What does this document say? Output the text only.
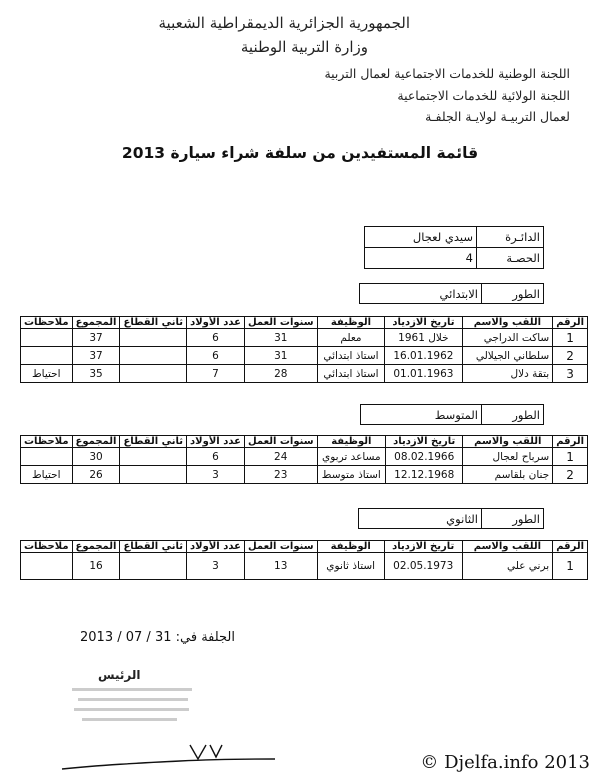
الجمهورية الجزائرية الديمقراطية الشعبية
وزارة التربية الوطنية
اللجنة الوطنية للخدمات الاجتماعية لعمال التربية
اللجنة الولائية للخدمات الاجتماعية
لعمال التربيـة لولايـة الجلفـة
قائمة المستفيدين من سلفة شراء سيارة 2013
الدائـرة	سيدي لعجال
الحصـة	4
الطور	الابتدائي
الرقم	اللقب والاسم	تاريخ الازدياد	الوظيفة	سنوات العمل	عدد الأولاد	ثاني القطاع	المجموع	ملاحظات
1	ساكت الدراجي	خلال 1961	معلم	31	6		37	
2	سلطاني الجيلالي	16.01.1962	استاذ ابتدائي	31	6		37	
3	بتقة دلال	01.01.1963	استاذ ابتدائي	28	7		35	احتياط
الطور	المتوسط
الرقم	اللقب والاسم	تاريخ الازدياد	الوظيفة	سنوات العمل	عدد الأولاد	ثاني القطاع	المجموع	ملاحظات
1	سرباح لعجال	08.02.1966	مساعد تربوي	24	6		30	
2	جنان بلقاسم	12.12.1968	استاذ متوسط	23	3		26	احتياط
الطور	الثانوي
الرقم	اللقب والاسم	تاريخ الازدياد	الوظيفة	سنوات العمل	عدد الأولاد	ثاني القطاع	المجموع	ملاحظات
1	برني علي	02.05.1973	استاذ ثانوي	13	3		16	
الجلفة في: 31 / 07 / 2013
الرئيس
© Djelfa.info 2013
